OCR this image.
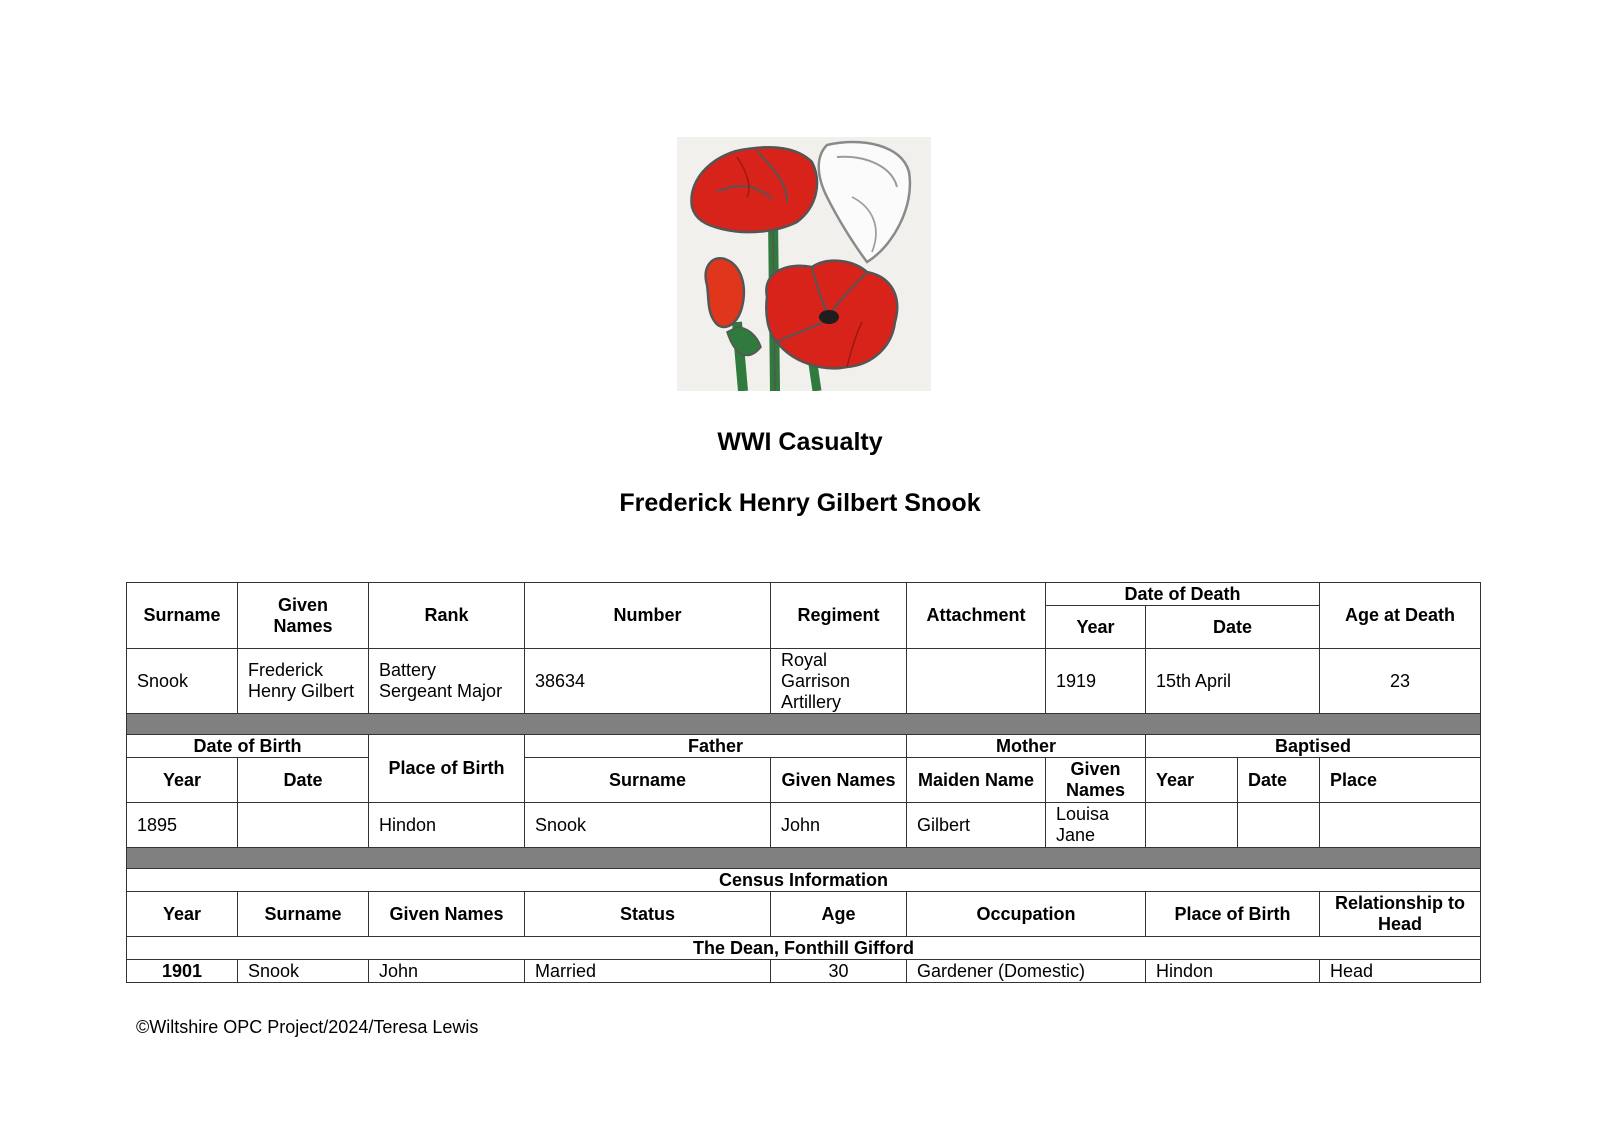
WWI Casualty
Frederick Henry Gilbert Snook
Surname	Given Names	Rank	Number	Regiment	Attachment	Date of Death			Age at Death
						Year	Date		
Snook	Frederick Henry Gilbert	Battery Sergeant Major	38634	Royal Garrison Artillery		1919	15th April		23

Date of Birth		Place of Birth	Father		Mother		Baptised		
Year	Date		Surname	Given Names	Maiden Name	Given Names	Year	Date	Place
1895		Hindon	Snook	John	Gilbert	Louisa Jane			

Census Information									
Year	Surname	Given Names	Status	Age	Occupation		Place of Birth		Relationship to Head
The Dean, Fonthill Gifford									
1901	Snook	John	Married	30	Gardener (Domestic)		Hindon		Head
©Wiltshire OPC Project/2024/Teresa Lewis
